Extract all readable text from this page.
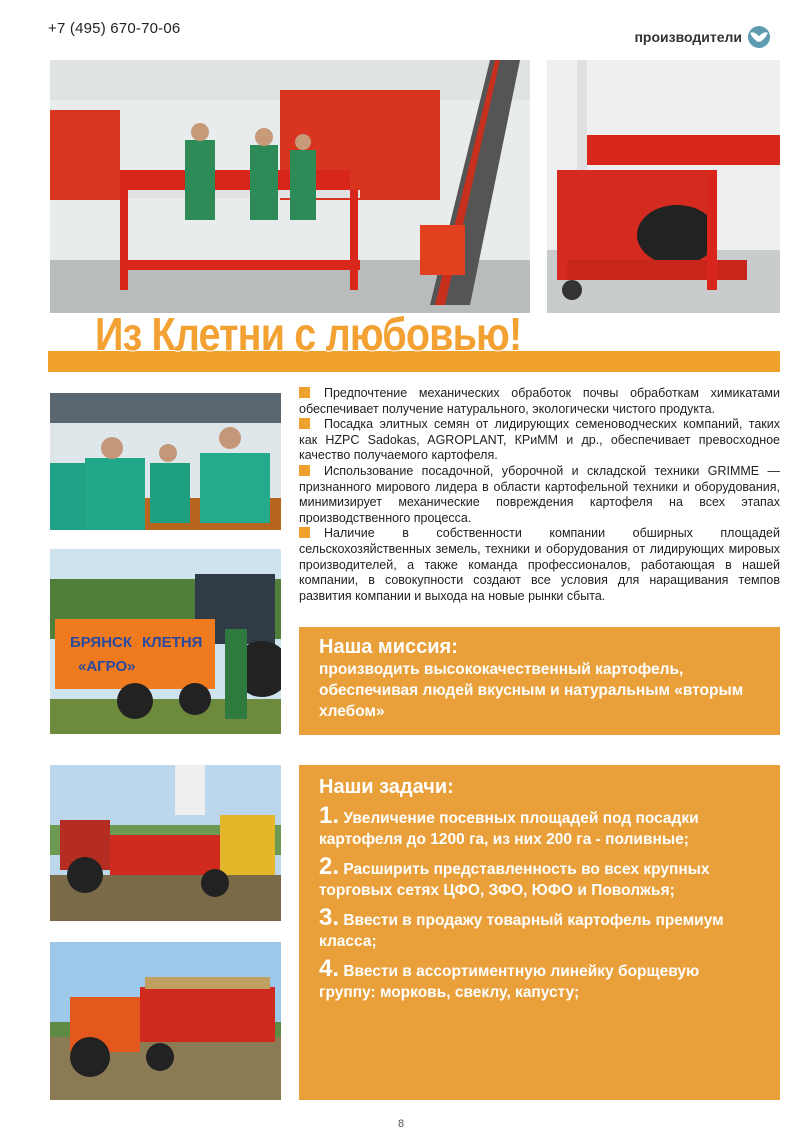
+7 (495) 670-70-06	производители
Из Клетни с любовью!
БРЯНСК КЛЕТНЯ
«АГРО»

Предпочтение механических обработок почвы обработкам химикатами обеспечивает получение натурального, экологически чистого продукта.

Посадка элитных семян от лидирующих семеноводческих компаний, таких как HZPC Sadokas, AGROPLANT, КРиММ и др., обеспечивает превосходное качество получаемого картофеля.

Использование посадочной, уборочной и складской техники GRIMME — признанного мирового лидера в области картофельной техники и оборудования, минимизирует механические повреждения картофеля на всех этапах производственного процесса.

Наличие в собственности компании обширных площадей сельскохозяйственных земель, техники и оборудования от лидирующих мировых производителей, а также команда профессионалов, работающая в нашей компании, в совокупности создают все условия для наращивания темпов развития компании и выхода на новые рынки сбыта.

Наша миссия:

производить высококачественный картофель, обеспечивая людей вкусным и натуральным «вторым хлебом»

Наши задачи:
1. Увеличение посевных площадей под посадки картофеля до 1200 га, из них 200 га - поливные;
2. Расширить представленность во всех крупных торговых сетях ЦФО, ЗФО, ЮФО и Поволжья;
3. Ввести в продажу товарный картофель премиум класса;
4. Ввести в ассортиментную линейку борщевую группу: морковь, свеклу, капусту;
8
